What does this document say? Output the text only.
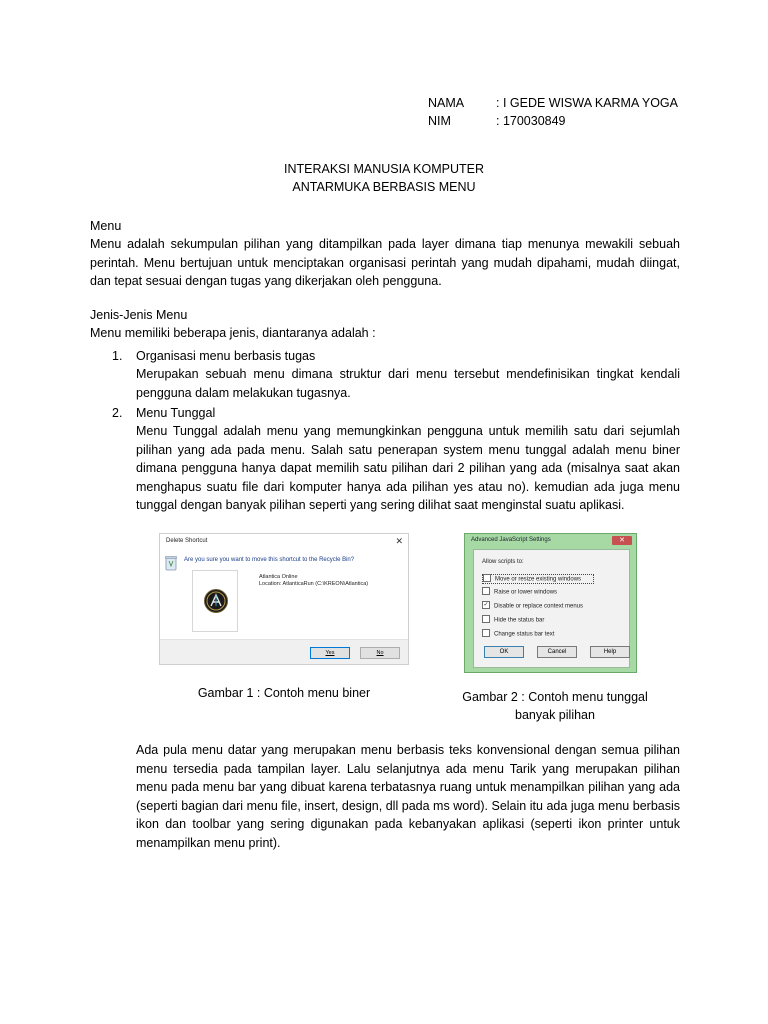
NAMA	: I GEDE WISWA KARMA YOGA
NIM	: 170030849
INTERAKSI MANUSIA KOMPUTER
ANTARMUKA BERBASIS MENU
Menu
Menu adalah sekumpulan pilihan yang ditampilkan pada layer dimana tiap menunya mewakili sebuah perintah. Menu bertujuan untuk menciptakan organisasi perintah yang mudah dipahami, mudah diingat, dan tepat sesuai dengan tugas yang dikerjakan oleh pengguna.
Jenis-Jenis Menu
Menu memiliki beberapa jenis, diantaranya adalah :
1. Organisasi menu berbasis tugas
Merupakan sebuah menu dimana struktur dari menu tersebut mendefinisikan tingkat kendali pengguna dalam melakukan tugasnya.
2. Menu Tunggal
Menu Tunggal adalah menu yang memungkinkan pengguna untuk memilih satu dari sejumlah pilihan yang ada pada menu. Salah satu penerapan system menu tunggal adalah menu biner dimana pengguna hanya dapat memilih satu pilihan dari 2 pilihan yang ada (misalnya saat akan menghapus suatu file dari komputer hanya ada pilihan yes atau no). kemudian ada juga menu tunggal dengan banyak pilihan seperti yang sering dilihat saat menginstal suatu aplikasi.
Delete Shortcut	✕
Are you sure you want to move this shortcut to the Recycle Bin?
Atlantica Online
Location: AtlanticaRun (C:\KREON\Atlantica)
Yes	No
Gambar 1 : Contoh menu biner
Advanced JavaScript Settings	✕
Allow scripts to:
Move or resize existing windows
Raise or lower windows
✓ Disable or replace context menus
Hide the status bar
Change status bar text
OK	Cancel	Help
Gambar 2 : Contoh menu tunggal
banyak pilihan
Ada pula menu datar yang merupakan menu berbasis teks konvensional dengan semua pilihan menu tersedia pada tampilan layer. Lalu selanjutnya ada menu Tarik yang merupakan pilihan menu pada menu bar yang dibuat karena terbatasnya ruang untuk menampilkan pilihan yang ada (seperti bagian dari menu file, insert, design, dll pada ms word). Selain itu ada juga menu berbasis ikon dan toolbar yang sering digunakan pada kebanyakan aplikasi (seperti ikon printer untuk menampilkan menu print).
